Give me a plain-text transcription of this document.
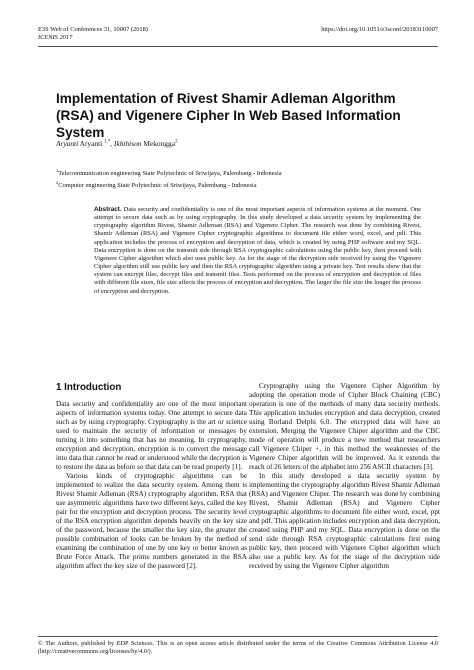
E3S Web of Conferences 31, 10007 (2018)
ICENIS 2017
https://doi.org/10.1051/e3sconf/20183110007
Implementation of Rivest Shamir Adleman Algorithm (RSA) and Vigenere Cipher In Web Based Information System
Aryanti Aryanti $^{1,*}$, Ikhthison Mekongga$^2$
$^1$Telecommunication engineering State Polytechnic of Sriwijaya, Palembang - Indonesia
$^2$Computer engineering State Polytechnic of Sriwijaya, Palembang - Indonesia

Abstract. Data security and confidentiality is one of the most important aspects of information systems at the moment. One attempt to secure data such as by using cryptography. In this study developed a data security system by implementing the cryptography algorithm Rivest, Shamir Adleman (RSA) and Vigenere Cipher. The research was done by combining Rivest, Shamir Adleman (RSA) and Vigenere Cipher cryptographic algorithms to document file either word, excel, and pdf. This application includes the process of encryption and decryption of data, which is created by using PHP software and my SQL. Data encryption is done on the transmit side through RSA cryptographic calculations using the public key, then proceed with Vigenere Cipher algorithm which also uses public key. As for the stage of the decryption side received by using the Vigenere Cipher algorithm still use public key and then the RSA cryptographic algorithm using a private key. Test results show that the system can encrypt files, decrypt files and transmit files. Tests performed on the process of encryption and decryption of files with different file sizes, file size affects the process of encryption and decryption. The larger the file size the longer the process of encryption and decryption.

1 Introduction

Data security and confidentiality are one of the most important aspects of information systems today. One attempt to secure data such as by using cryptography. Cryptography is the art or science used to maintain the security of information or messages by turning it into something that has no meaning. In cryptography, encryption and decryption, encryption is to convert the message into data that cannot be read or understood while the decryption is to restore the data as before so that data can be read properly [1].

Various kinds of cryptographic algorithms can be implemented to realize the data security system. Among them is Rivest Shamir Adleman (RSA) cryptography algorithm. RSA that use asymmetric algorithms have two different keys, called the key pair for the encryption and decryption process. The security level of the RSA encryption algorithm depends heavily on the key size of the password, because the smaller the key size, the greater the possible combination of looks can be broken by the method of examining the combination of one by one key or better known as Brute Force Attack. The prime numbers generated in the RSA algorithm affect the key size of the password [2].

Cryptography using the Vigenere Cipher Algorithm by adopting the operation mode of Cipher Block Chaining (CBC) operation is one of the methods of many data security methods. This application includes encryption and data decryption, created using Borland Delphi 6.0. The encrypted data will have an extension. Merging the Vigenere Chiper algorithm and the CBC mode of operation will produce a new method that researchers call Vigenere Chiper +, in this method the weaknesses of the Vigenere Chiper algorithm will be improved. As it extends the reach of 26 letters of the alphabet into 256 ASCII characters [3].

In this study developed a data security system by implementing the cryptography algorithm Rivest Shamir Adleman (RSA) and Vigenere Chiper. The research was done by combining Rivest, Shamir Adleman (RSA) and Vigenere Cipher cryptographic algorithms to document file either word, excel, ppt and pdf. This application includes encryption and data decryption, created using PHP and my SQL. Data encryption is done on the send side through RSA cryptographic calculations first using public key, then proceed with Vigenere Cipher algorithm which also use a public key. As for the stage of the decryption side received by using the Vigenere Cipher algorithm

© The Authors, published by EDP Sciences. This is an open access article distributed under the terms of the Creative Commons Attribution License 4.0 (http://creativecommons.org/licenses/by/4.0/).
